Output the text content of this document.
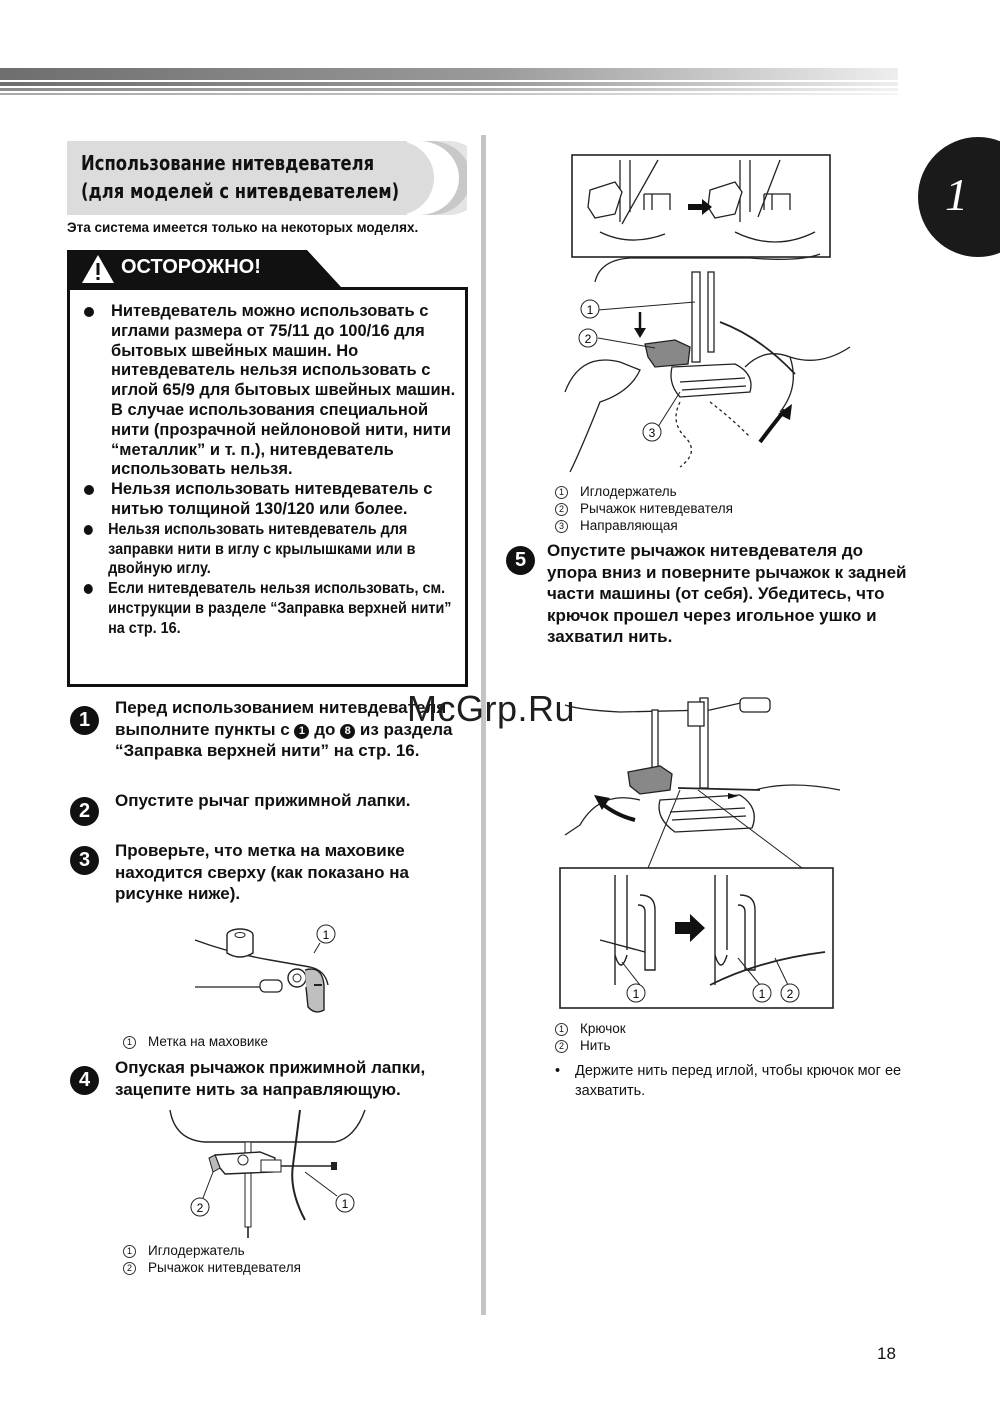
1
Использование нитевдевателя
(для моделей с нитевдевателем)
Эта система имеется только на некоторых моделях.
ОСТОРОЖНО!
Нитевдеватель можно использовать с иглами размера от 75/11 до 100/16 для бытовых швейных машин. Но нитевдеватель нельзя использовать с иглой 65/9 для бытовых швейных машин. В случае использования специальной нити (прозрачной нейлоновой нити, нити “металлик” и т. п.), нитевдеватель использовать нельзя.
Нельзя использовать нитевдеватель с нитью толщиной 130/120 или более.
Нельзя использовать нитевдеватель для заправки нити в иглу с крылышками или в двойную иглу.
Если нитевдеватель нельзя использовать, см. инструкции в разделе “Заправка верхней нити” на стр. 16.
1
Перед использованием нитевдевателя выполните пункты с 1 до 8 из раздела “Заправка верхней нити” на стр. 16.
2	Опустите рычаг прижимной лапки.
3	Проверьте, что метка на маховике находится сверху (как показано на рисунке ниже).
1
1 Метка на маховике
4
Опуская рычажок прижимной лапки, зацепите нить за направляющую.
2	1
1 Иглодержатель
2 Рычажок нитевдевателя
1
2
3
1 Иглодержатель
2 Рычажок нитевдевателя
3 Направляющая
5	Опустите рычажок нитевдевателя до упора вниз и поверните рычажок к задней части машины (от себя). Убедитесь, что крючок прошел через игольное ушко и захватил нить.
1	1 2
1 Крючок
2 Нить
• Держите нить перед иглой, чтобы крючок мог ее захватить.
McGrp.Ru
18
